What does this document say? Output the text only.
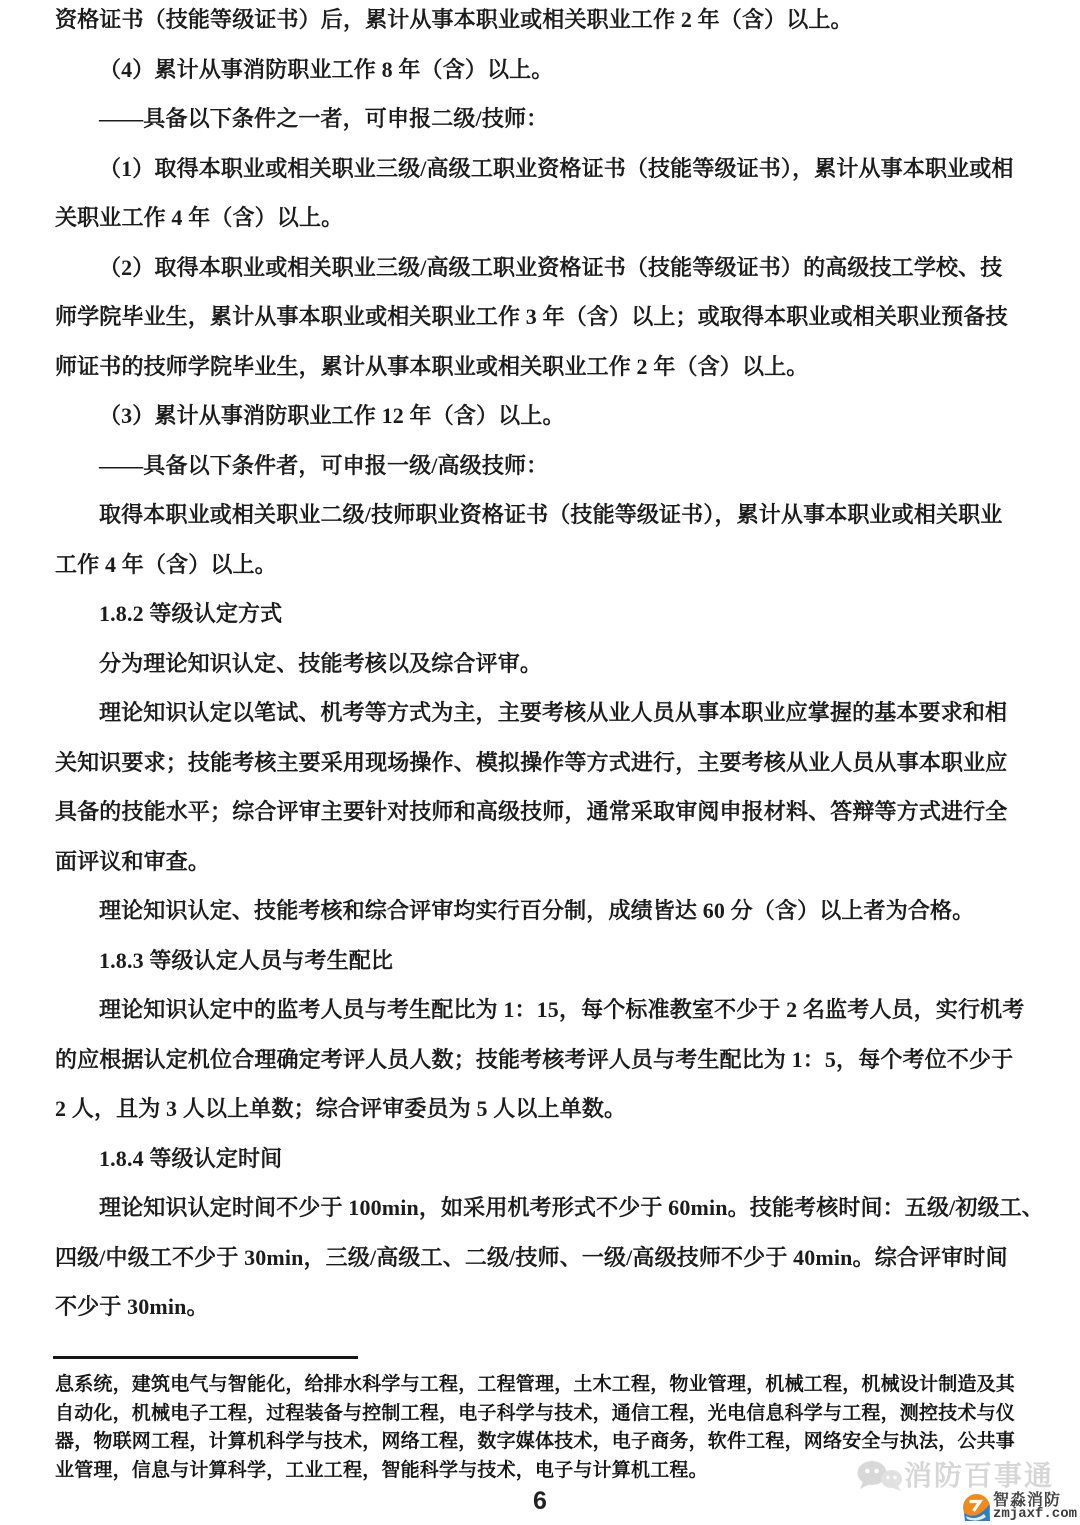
资格证书（技能等级证书）后，累计从事本职业或相关职业工作 2 年（含）以上。
（4）累计从事消防职业工作 8 年（含）以上。
——具备以下条件之一者，可申报二级/技师：
（1）取得本职业或相关职业三级/高级工职业资格证书（技能等级证书），累计从事本职业或相
关职业工作 4 年（含）以上。
（2）取得本职业或相关职业三级/高级工职业资格证书（技能等级证书）的高级技工学校、技
师学院毕业生，累计从事本职业或相关职业工作 3 年（含）以上；或取得本职业或相关职业预备技
师证书的技师学院毕业生，累计从事本职业或相关职业工作 2 年（含）以上。
（3）累计从事消防职业工作 12 年（含）以上。
——具备以下条件者，可申报一级/高级技师：
取得本职业或相关职业二级/技师职业资格证书（技能等级证书），累计从事本职业或相关职业
工作 4 年（含）以上。
1.8.2 等级认定方式
分为理论知识认定、技能考核以及综合评审。
理论知识认定以笔试、机考等方式为主，主要考核从业人员从事本职业应掌握的基本要求和相
关知识要求；技能考核主要采用现场操作、模拟操作等方式进行，主要考核从业人员从事本职业应
具备的技能水平；综合评审主要针对技师和高级技师，通常采取审阅申报材料、答辩等方式进行全
面评议和审查。
理论知识认定、技能考核和综合评审均实行百分制，成绩皆达 60 分（含）以上者为合格。
1.8.3 等级认定人员与考生配比
理论知识认定中的监考人员与考生配比为 1：15，每个标准教室不少于 2 名监考人员，实行机考
的应根据认定机位合理确定考评人员人数；技能考核考评人员与考生配比为 1：5，每个考位不少于
2 人，且为 3 人以上单数；综合评审委员为 5 人以上单数。
1.8.4 等级认定时间
理论知识认定时间不少于 100min，如采用机考形式不少于 60min。技能考核时间：五级/初级工、
四级/中级工不少于 30min，三级/高级工、二级/技师、一级/高级技师不少于 40min。综合评审时间
不少于 30min。
息系统，建筑电气与智能化，给排水科学与工程，工程管理，土木工程，物业管理，机械工程，机械设计制造及其
自动化，机械电子工程，过程装备与控制工程，电子科学与技术，通信工程，光电信息科学与工程，测控技术与仪
器，物联网工程，计算机科学与技术，网络工程，数字媒体技术，电子商务，软件工程，网络安全与执法，公共事
业管理，信息与计算科学，工业工程，智能科学与技术，电子与计算机工程。
6
消防百事通
智淼消防
zmjaxf.com
